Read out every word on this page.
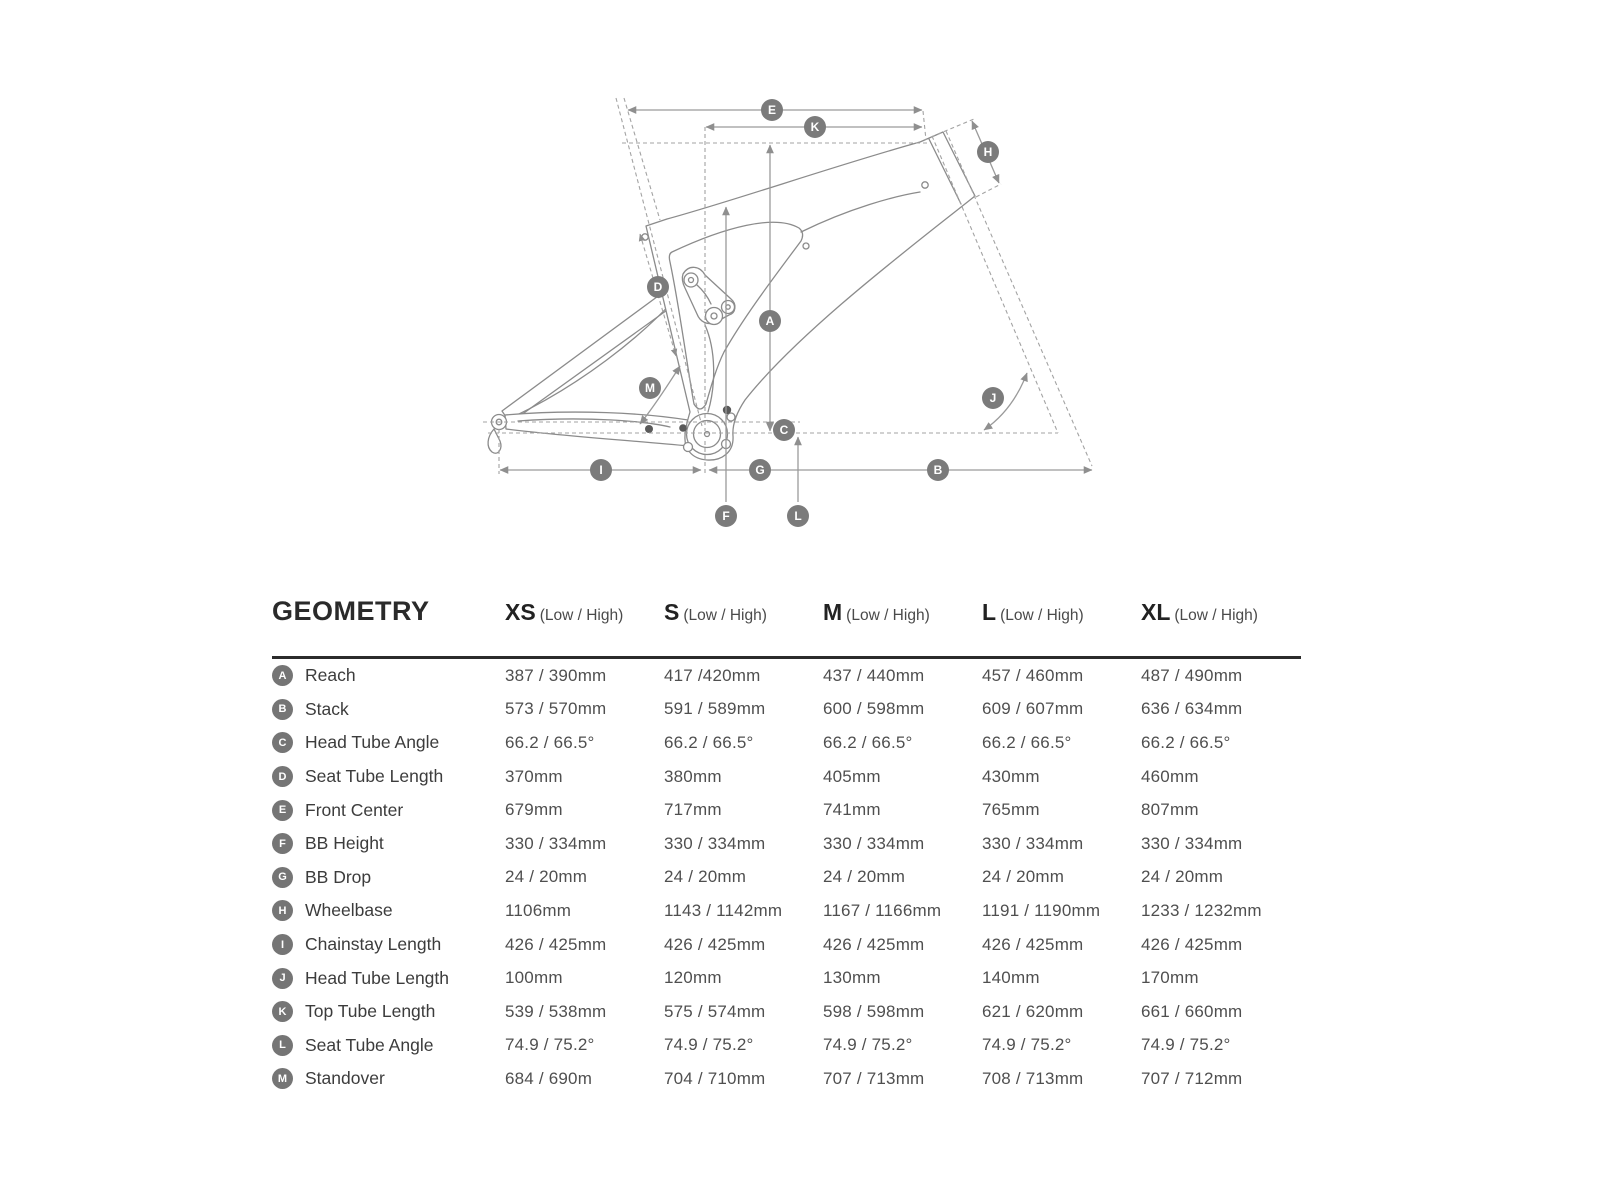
E
K
H
D
A
M
J
C
I	G	B
F	L
GEOMETRY	XS (Low / High)	S (Low / High)	M (Low / High)	L (Low / High)	XL (Low / High)
A	Reach	387 / 390mm	417 /420mm	437 / 440mm	457 / 460mm	487 / 490mm
B	Stack	573 / 570mm	591 / 589mm	600 / 598mm	609 / 607mm	636 / 634mm
C	Head Tube Angle	66.2 / 66.5°	66.2 / 66.5°	66.2 / 66.5°	66.2 / 66.5°	66.2 / 66.5°
D	Seat Tube Length	370mm	380mm	405mm	430mm	460mm
E	Front Center	679mm	717mm	741mm	765mm	807mm
F	BB Height	330 / 334mm	330 / 334mm	330 / 334mm	330 / 334mm	330 / 334mm
G	BB Drop	24 / 20mm	24 / 20mm	24 / 20mm	24 / 20mm	24 / 20mm
H	Wheelbase	1106mm	1143 / 1142mm	1167 / 1166mm	1191 / 1190mm	1233 / 1232mm
I	Chainstay Length	426 / 425mm	426 / 425mm	426 / 425mm	426 / 425mm	426 / 425mm
J	Head Tube Length	100mm	120mm	130mm	140mm	170mm
K	Top Tube Length	539 / 538mm	575 / 574mm	598 / 598mm	621 / 620mm	661 / 660mm
L	Seat Tube Angle	74.9 / 75.2°	74.9 / 75.2°	74.9 / 75.2°	74.9 / 75.2°	74.9 / 75.2°
M	Standover	684 / 690m	704 / 710mm	707 / 713mm	708 / 713mm	707 / 712mm
